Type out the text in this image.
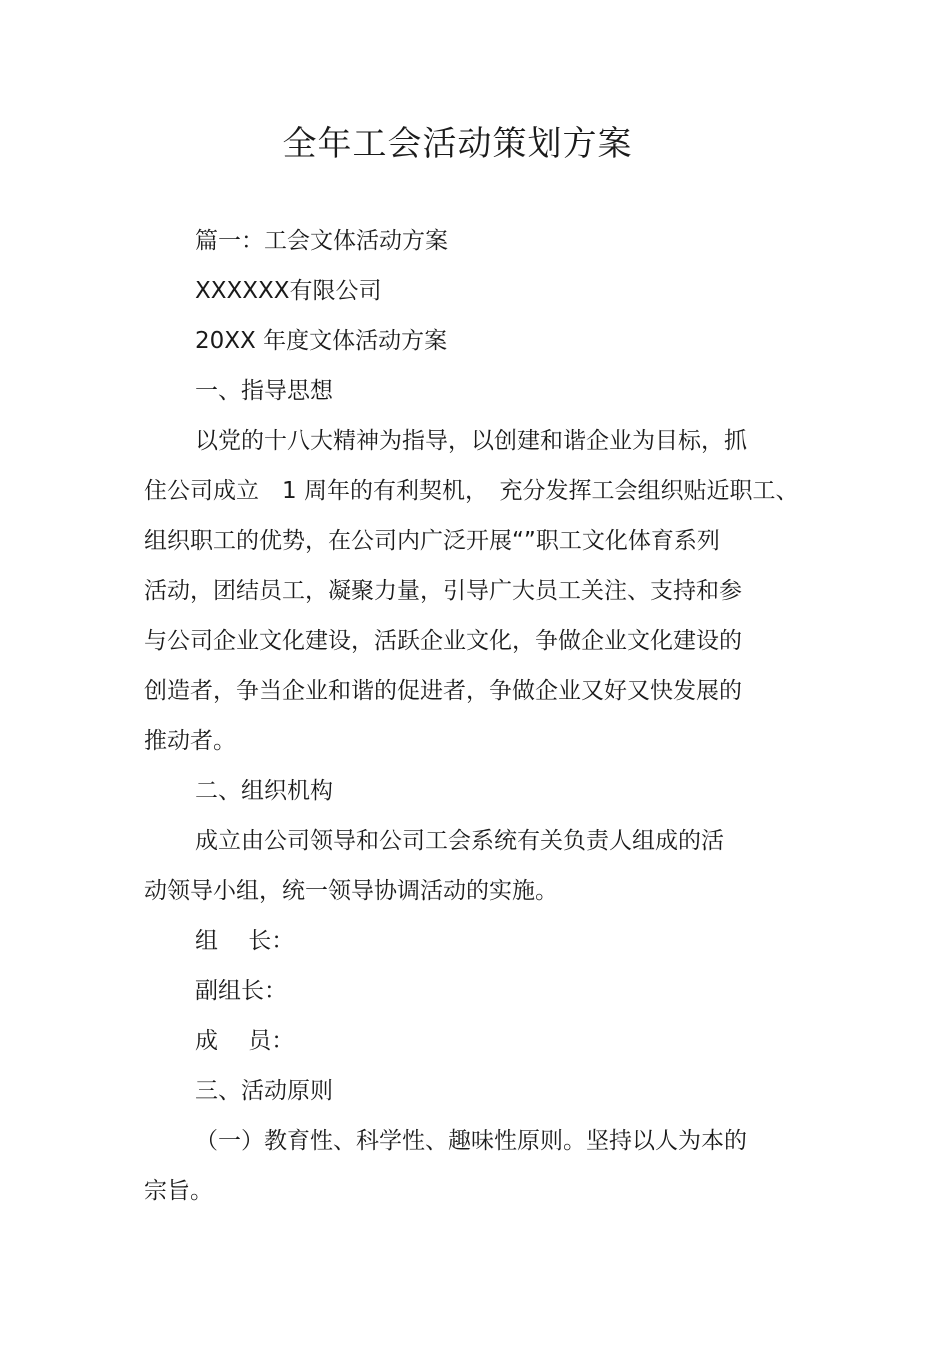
全年工会活动策划方案
篇一：工会文体活动方案
XXXXXX有限公司
20XX 年度文体活动方案
一、指导思想
以党的十八大精神为指导，以创建和谐企业为目标，抓
住公司成立　1 周年的有利契机，　充分发挥工会组织贴近职工、
组织职工的优势，在公司内广泛开展“”职工文化体育系列
活动，团结员工，凝聚力量，引导广大员工关注、支持和参
与公司企业文化建设，活跃企业文化，争做企业文化建设的
创造者，争当企业和谐的促进者，争做企业又好又快发展的
推动者。
二、组织机构
成立由公司领导和公司工会系统有关负责人组成的活
动领导小组，统一领导协调活动的实施。
组　 长：
副组长：
成　 员：
三、活动原则
（一）教育性、科学性、趣味性原则。坚持以人为本的
宗旨。
